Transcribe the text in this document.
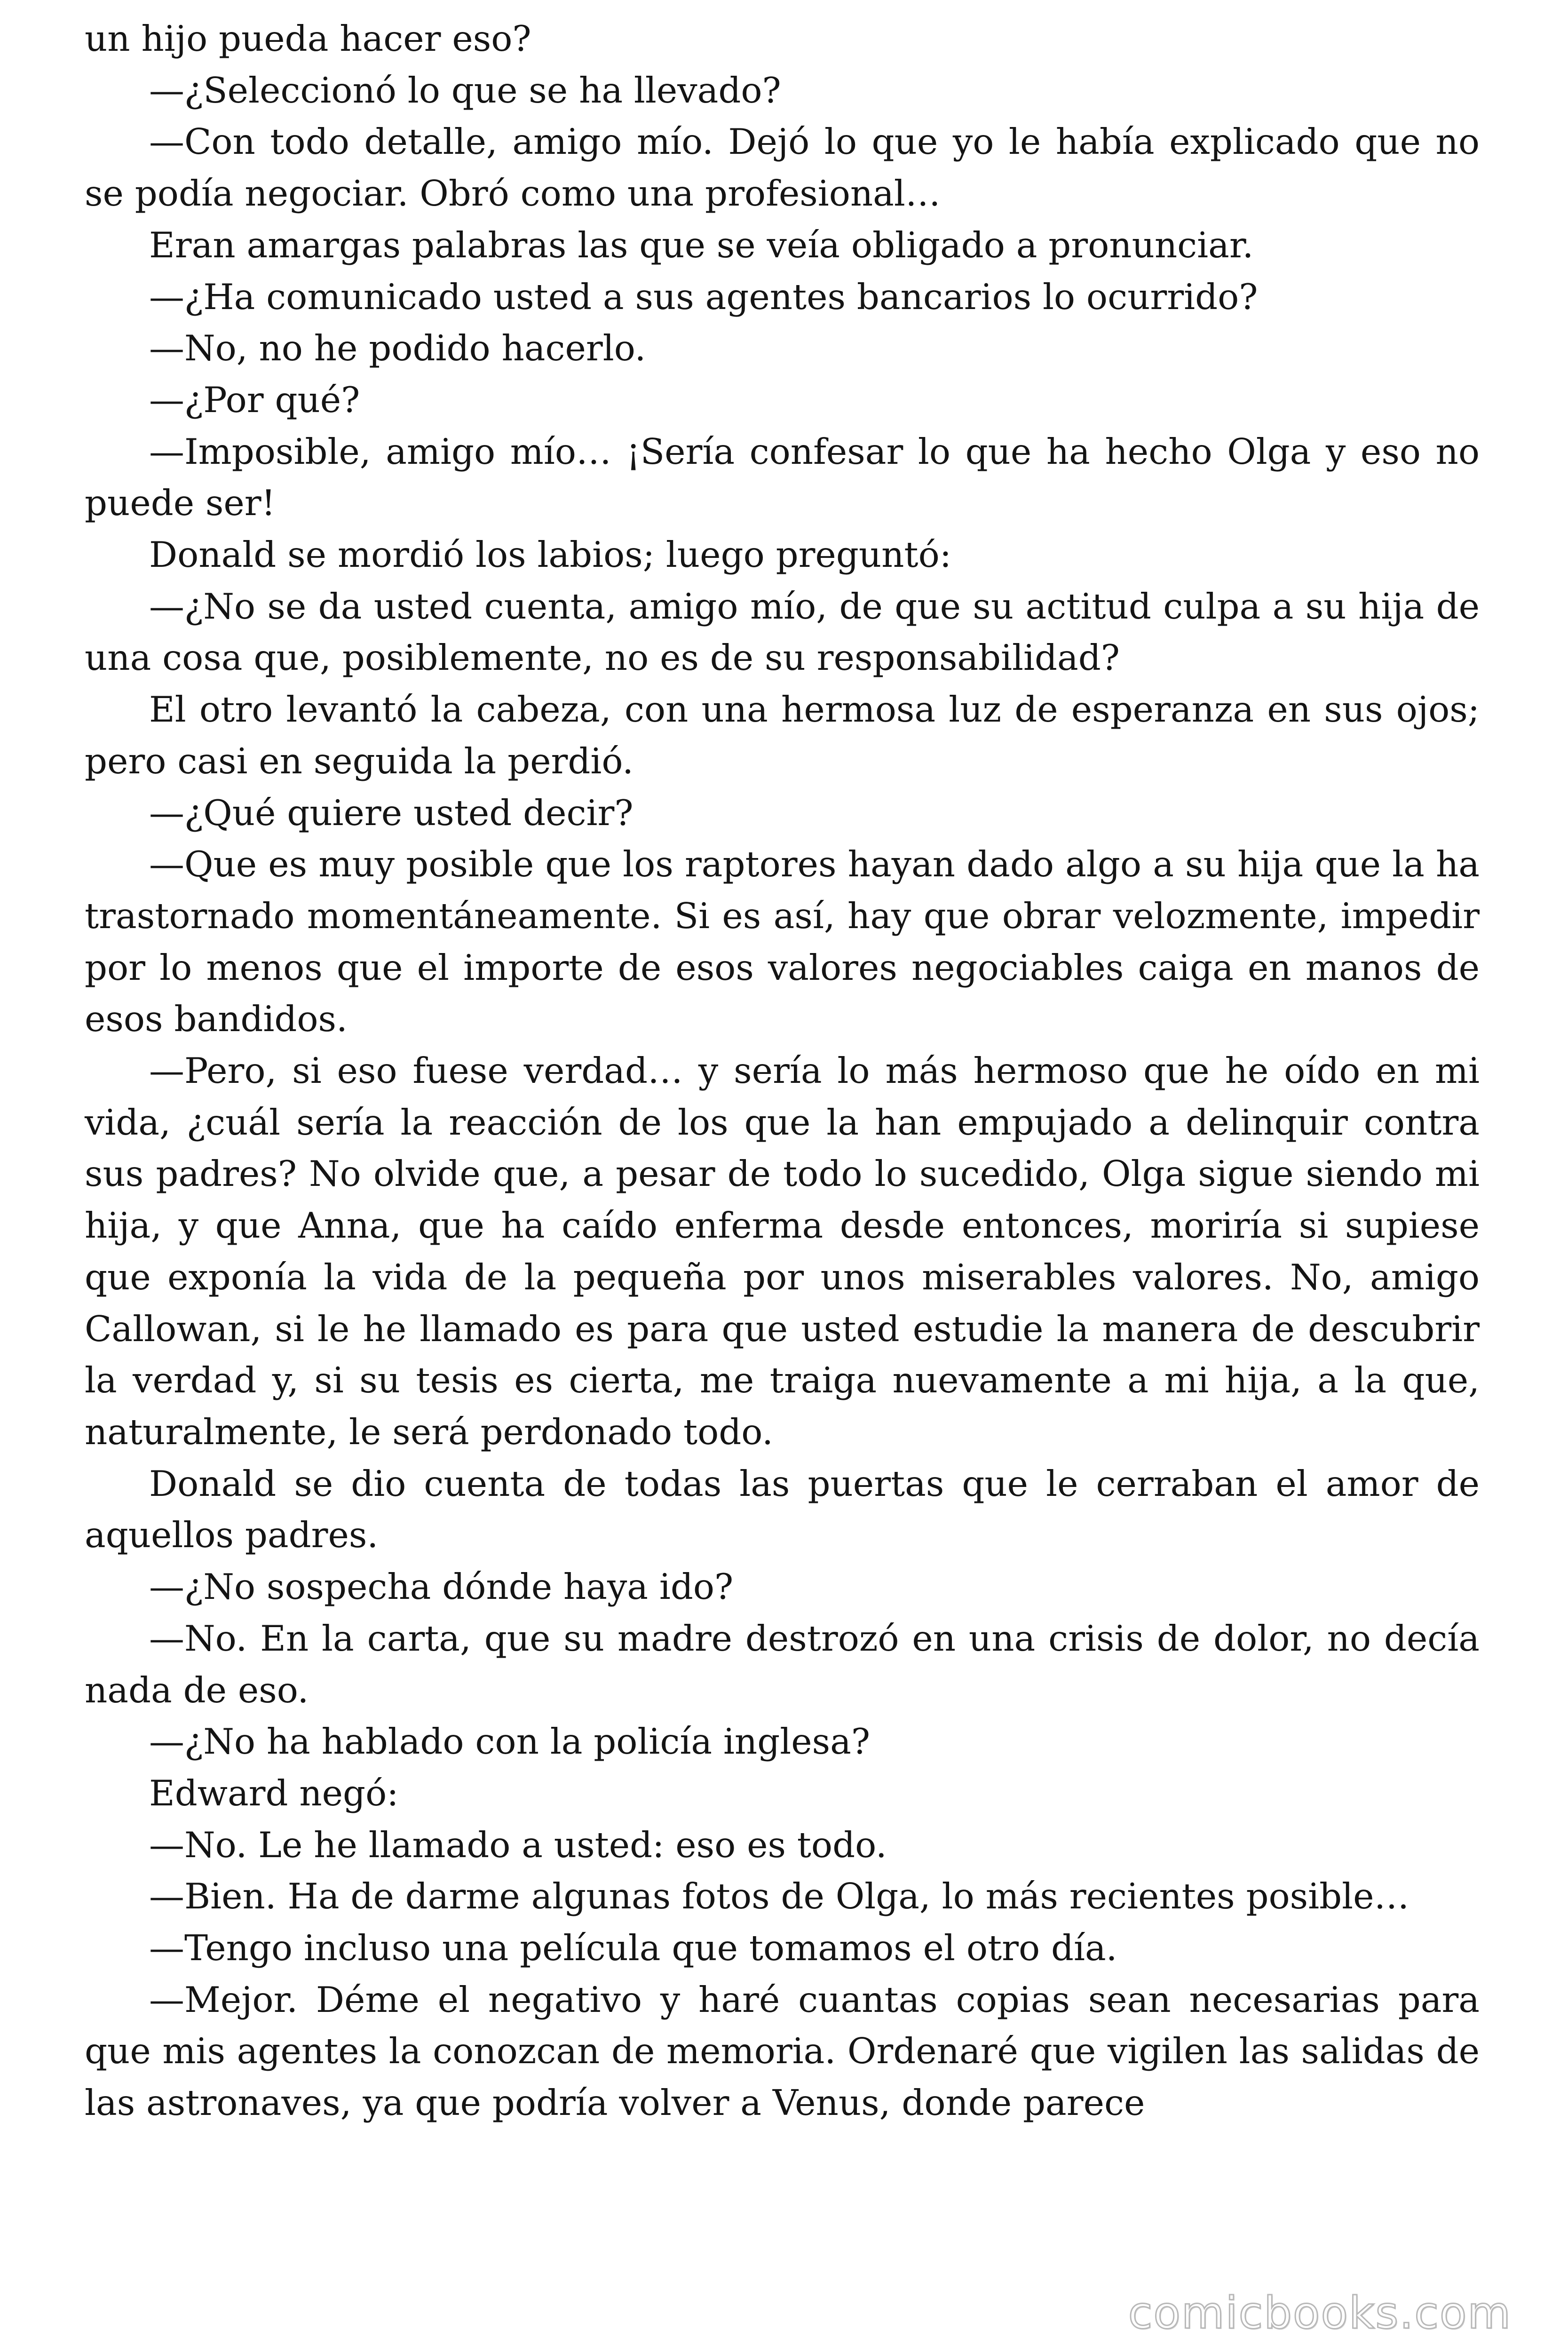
un hijo pueda hacer eso?

—¿Seleccionó lo que se ha llevado?

—Con todo detalle, amigo mío. Dejó lo que yo le había explicado que no se podía negociar. Obró como una profesional…

Eran amargas palabras las que se veía obligado a pronunciar.

—¿Ha comunicado usted a sus agentes bancarios lo ocurrido?

—No, no he podido hacerlo.

—¿Por qué?

—Imposible, amigo mío… ¡Sería confesar lo que ha hecho Olga y eso no puede ser!

Donald se mordió los labios; luego preguntó:

—¿No se da usted cuenta, amigo mío, de que su actitud culpa a su hija de una cosa que, posiblemente, no es de su responsabilidad?

El otro levantó la cabeza, con una hermosa luz de esperanza en sus ojos; pero casi en seguida la perdió.

—¿Qué quiere usted decir?

—Que es muy posible que los raptores hayan dado algo a su hija que la ha trastornado momentáneamente. Si es así, hay que obrar velozmente, impedir por lo menos que el importe de esos valores negociables caiga en manos de esos bandidos.

—Pero, si eso fuese verdad… y sería lo más hermoso que he oído en mi vida, ¿cuál sería la reacción de los que la han empujado a delinquir contra sus padres? No olvide que, a pesar de todo lo sucedido, Olga sigue siendo mi hija, y que Anna, que ha caído enferma desde entonces, moriría si supiese que exponía la vida de la pequeña por unos miserables valores. No, amigo Callowan, si le he llamado es para que usted estudie la manera de descubrir la verdad y, si su tesis es cierta, me traiga nuevamente a mi hija, a la que, naturalmente, le será perdonado todo.

Donald se dio cuenta de todas las puertas que le cerraban el amor de aquellos padres.

—¿No sospecha dónde haya ido?

—No. En la carta, que su madre destrozó en una crisis de dolor, no decía nada de eso.

—¿No ha hablado con la policía inglesa?

Edward negó:

—No. Le he llamado a usted: eso es todo.

—Bien. Ha de darme algunas fotos de Olga, lo más recientes posible…

—Tengo incluso una película que tomamos el otro día.

—Mejor. Déme el negativo y haré cuantas copias sean necesarias para que mis agentes la conozcan de memoria. Ordenaré que vigilen las salidas de las astronaves, ya que podría volver a Venus, donde parece

comicbooks.com
